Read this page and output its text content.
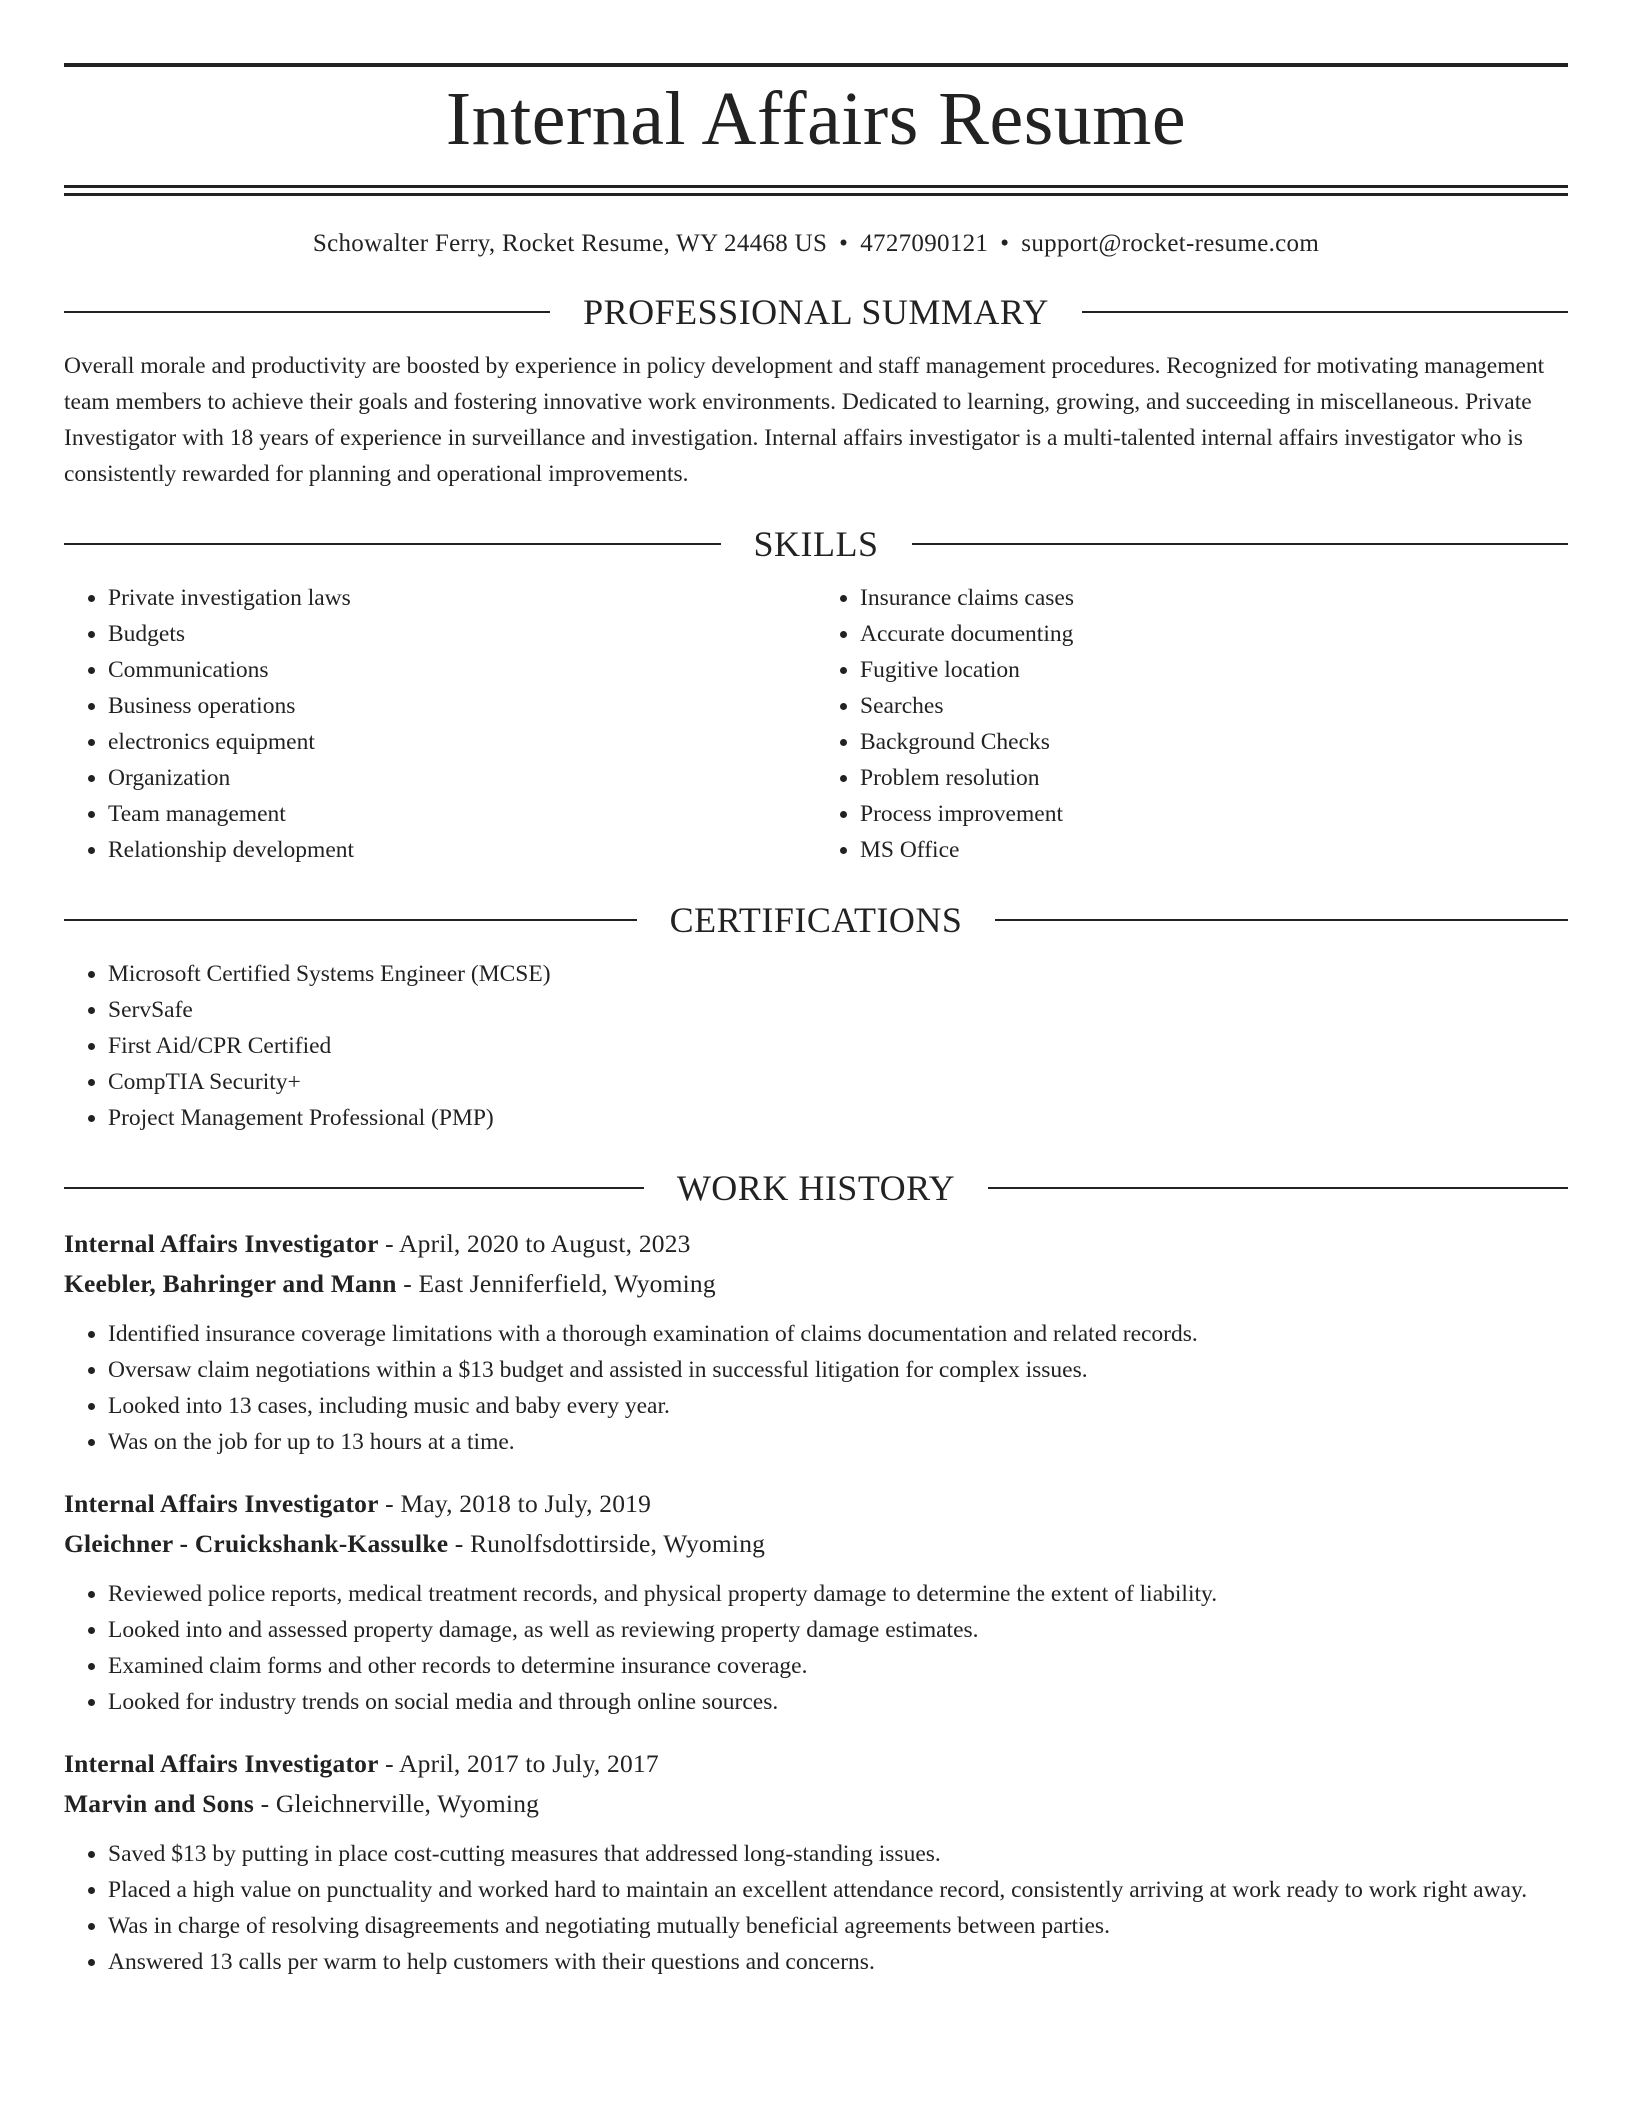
Internal Affairs Resume
Schowalter Ferry, Rocket Resume, WY 24468 US • 4727090121 • support@rocket-resume.com
PROFESSIONAL SUMMARY

Overall morale and productivity are boosted by experience in policy development and staff management procedures. Recognized for motivating management team members to achieve their goals and fostering innovative work environments. Dedicated to learning, growing, and succeeding in miscellaneous. Private Investigator with 18 years of experience in surveillance and investigation. Internal affairs investigator is a multi-talented internal affairs investigator who is consistently rewarded for planning and operational improvements.

SKILLS
• Private investigation laws
• Budgets
• Communications
• Business operations
• electronics equipment
• Organization
• Team management
• Relationship development
• Insurance claims cases
• Accurate documenting
• Fugitive location
• Searches
• Background Checks
• Problem resolution
• Process improvement
• MS Office
CERTIFICATIONS
• Microsoft Certified Systems Engineer (MCSE)
• ServSafe
• First Aid/CPR Certified
• CompTIA Security+
• Project Management Professional (PMP)
WORK HISTORY
Internal Affairs Investigator - April, 2020 to August, 2023
Keebler, Bahringer and Mann - East Jenniferfield, Wyoming
• Identified insurance coverage limitations with a thorough examination of claims documentation and related records.
• Oversaw claim negotiations within a $13 budget and assisted in successful litigation for complex issues.
• Looked into 13 cases, including music and baby every year.
• Was on the job for up to 13 hours at a time.
Internal Affairs Investigator - May, 2018 to July, 2019
Gleichner - Cruickshank-Kassulke - Runolfsdottirside, Wyoming
• Reviewed police reports, medical treatment records, and physical property damage to determine the extent of liability.
• Looked into and assessed property damage, as well as reviewing property damage estimates.
• Examined claim forms and other records to determine insurance coverage.
• Looked for industry trends on social media and through online sources.
Internal Affairs Investigator - April, 2017 to July, 2017
Marvin and Sons - Gleichnerville, Wyoming
• Saved $13 by putting in place cost-cutting measures that addressed long-standing issues.
• Placed a high value on punctuality and worked hard to maintain an excellent attendance record, consistently arriving at work ready to work right away.
• Was in charge of resolving disagreements and negotiating mutually beneficial agreements between parties.
• Answered 13 calls per warm to help customers with their questions and concerns.
